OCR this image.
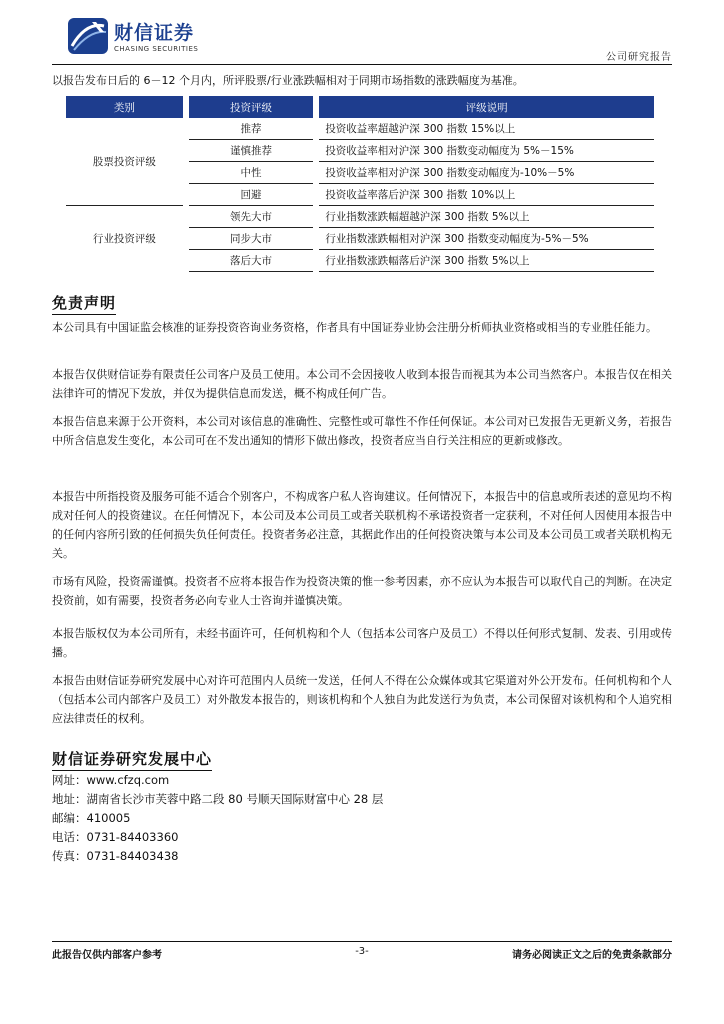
财信证券
CHASING SECURITIES
公司研究报告
以报告发布日后的 6－12 个月内，所评股票/行业涨跌幅相对于同期市场指数的涨跌幅度为基准。
类别		投资评级		评级说明
股票投资评级		推荐		投资收益率超越沪深 300 指数 15%以上
		谨慎推荐		投资收益率相对沪深 300 指数变动幅度为 5%－15%
		中性		投资收益率相对沪深 300 指数变动幅度为-10%－5%
		回避		投资收益率落后沪深 300 指数 10%以上
行业投资评级		领先大市		行业指数涨跌幅超越沪深 300 指数 5%以上
		同步大市		行业指数涨跌幅相对沪深 300 指数变动幅度为-5%－5%
		落后大市		行业指数涨跌幅落后沪深 300 指数 5%以上
免责声明
本公司具有中国证监会核准的证券投资咨询业务资格，作者具有中国证券业协会注册分析师执业资格或相当的专业胜任能力。
本报告仅供财信证券有限责任公司客户及员工使用。本公司不会因接收人收到本报告而视其为本公司当然客户。本报告仅在相关法律许可的情况下发放，并仅为提供信息而发送，概不构成任何广告。
本报告信息来源于公开资料，本公司对该信息的准确性、完整性或可靠性不作任何保证。本公司对已发报告无更新义务，若报告中所含信息发生变化，本公司可在不发出通知的情形下做出修改，投资者应当自行关注相应的更新或修改。
本报告中所指投资及服务可能不适合个别客户，不构成客户私人咨询建议。任何情况下，本报告中的信息或所表述的意见均不构成对任何人的投资建议。在任何情况下，本公司及本公司员工或者关联机构不承诺投资者一定获利，不对任何人因使用本报告中的任何内容所引致的任何损失负任何责任。投资者务必注意，其据此作出的任何投资决策与本公司及本公司员工或者关联机构无关。
市场有风险，投资需谨慎。投资者不应将本报告作为投资决策的惟一参考因素，亦不应认为本报告可以取代自己的判断。在决定投资前，如有需要，投资者务必向专业人士咨询并谨慎决策。
本报告版权仅为本公司所有，未经书面许可，任何机构和个人（包括本公司客户及员工）不得以任何形式复制、发表、引用或传播。
本报告由财信证券研究发展中心对许可范围内人员统一发送，任何人不得在公众媒体或其它渠道对外公开发布。任何机构和个人（包括本公司内部客户及员工）对外散发本报告的，则该机构和个人独自为此发送行为负责，本公司保留对该机构和个人追究相应法律责任的权利。
财信证券研究发展中心
网址：www.cfzq.com
地址：湖南省长沙市芙蓉中路二段 80 号顺天国际财富中心 28 层
邮编：410005
电话：0731-84403360
传真：0731-84403438
此报告仅供内部客户参考	-3-	请务必阅读正文之后的免责条款部分
